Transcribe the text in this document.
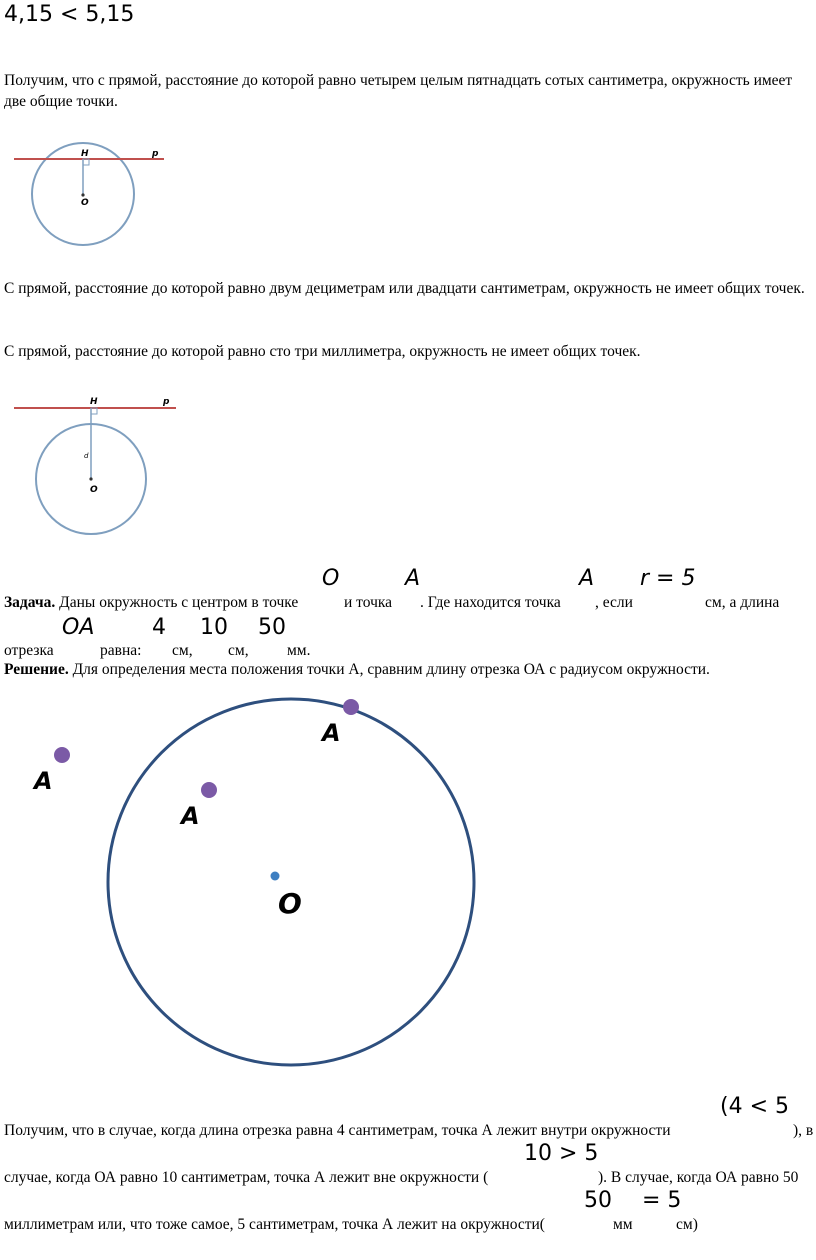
4,15 < 5,15
Получим, что с прямой, расстояние до которой равно четырем целым пятнадцать сотых сантиметра, окружность имеет две общие точки.
H	p
O
С прямой, расстояние до которой равно двум дециметрам или двадцати сантиметрам, окружность не имеет общих точек.
С прямой, расстояние до которой равно сто три миллиметра, окружность не имеет общих точек.
H	p
d
O
O	A	A r = 5
Задача. Даны окружность с центром в точке	и точка . Где находится точка , если	см, а длина
OA	4 10 50
отрезка	равна: см, см, мм.
Решение. Для определения места положения точки А, сравним длину отрезка ОА с радиусом окружности.
A
A
A
O
(4 < 5
Получим, что в случае, когда длина отрезка равна 4 сантиметрам, точка А лежит внутри окружности	), в
10 > 5
случае, когда ОА равно 10 сантиметрам, точка А лежит вне окружности (	). В случае, когда ОА равно 50
50 = 5
миллиметрам или, что тоже самое, 5 сантиметрам, точка А лежит на окружности(	мм	см)
